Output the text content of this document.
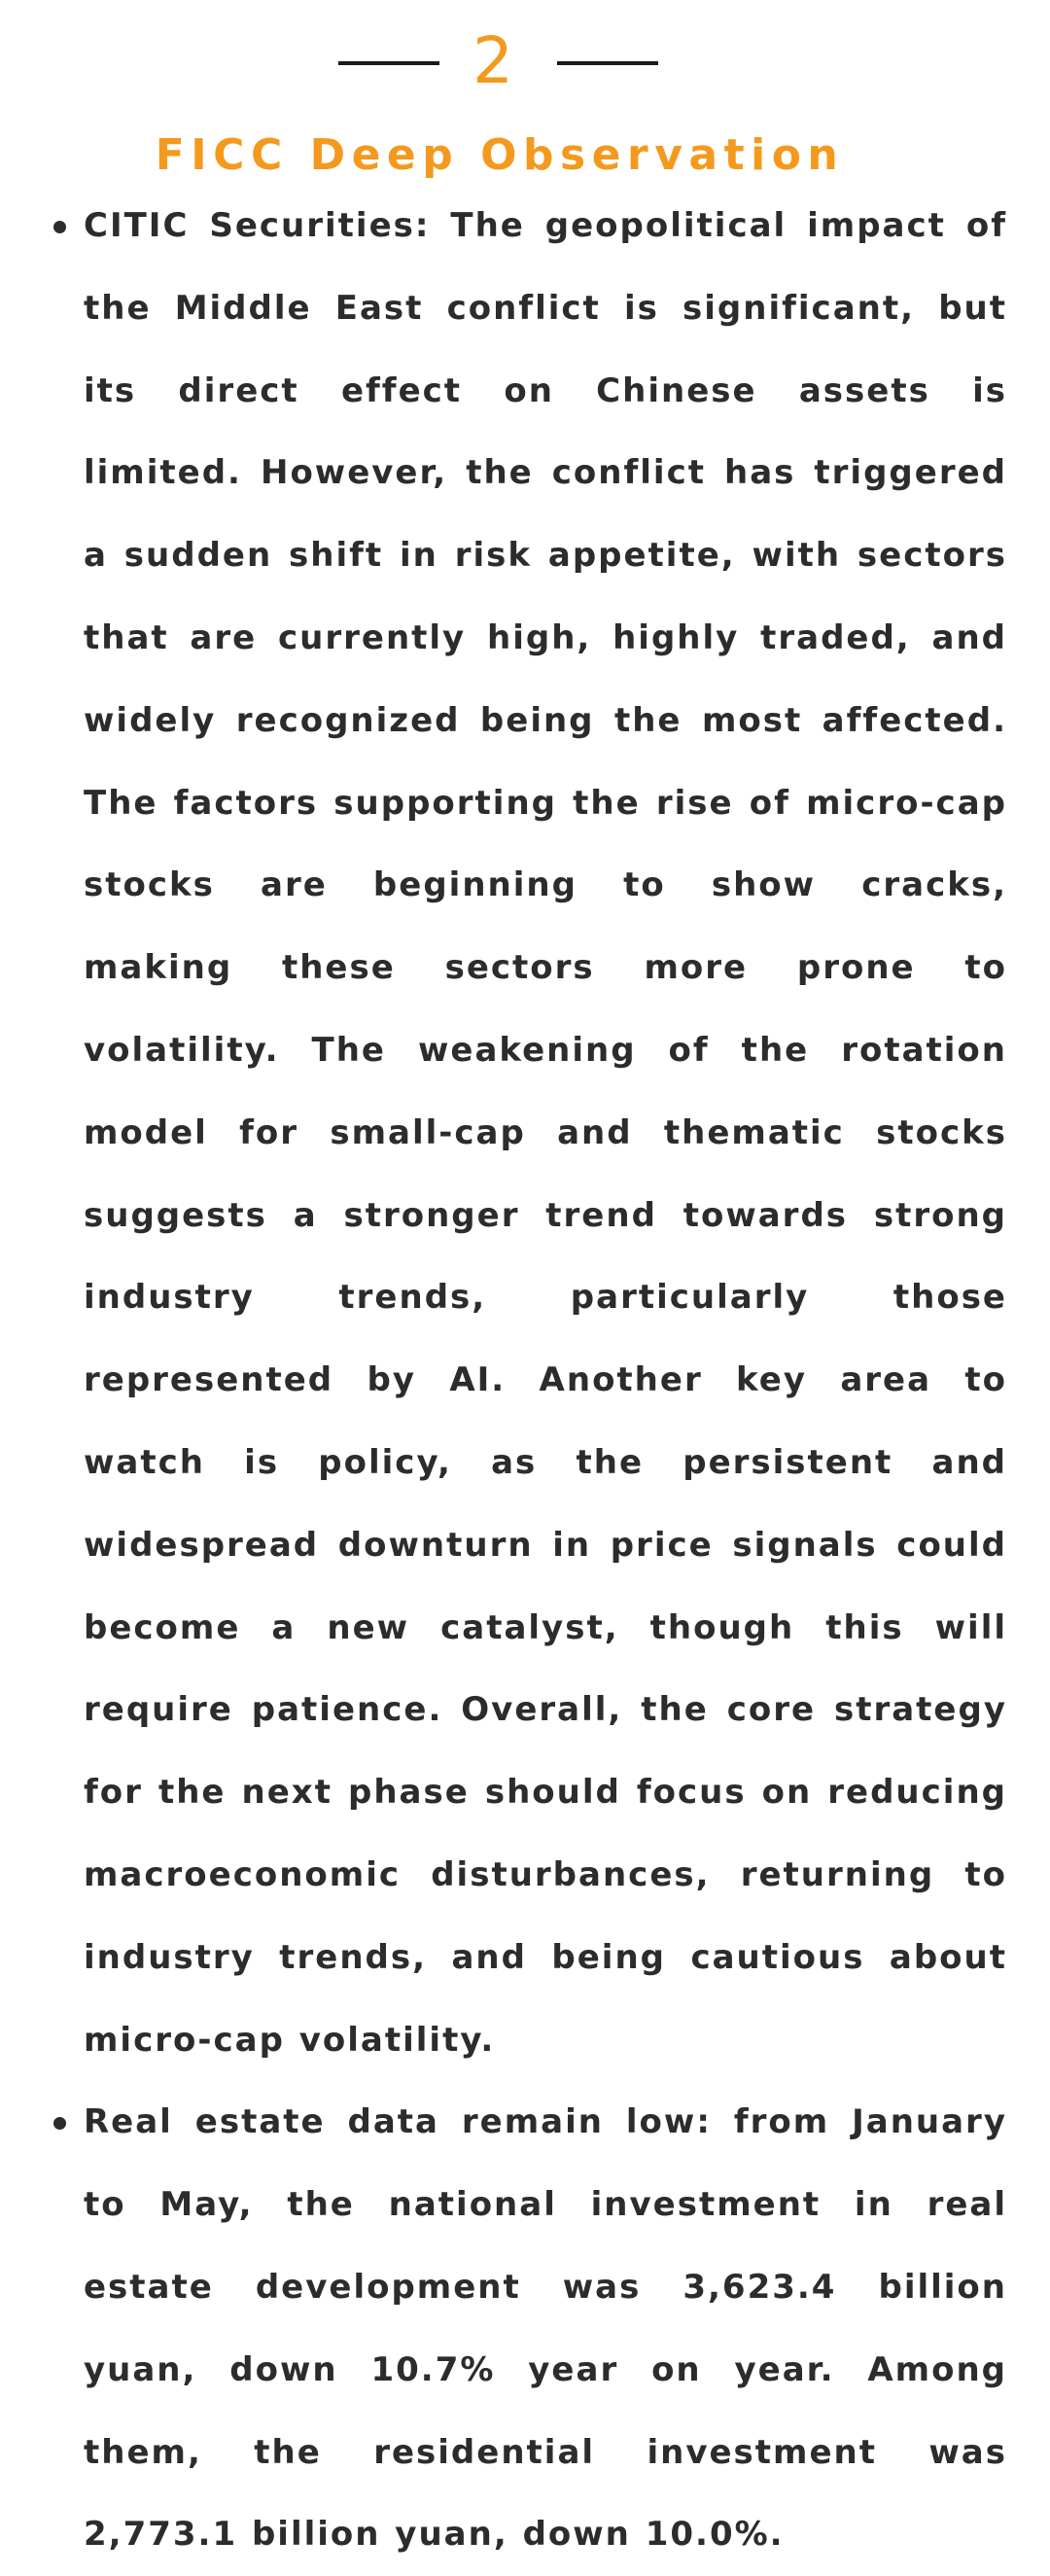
2
FICC Deep Observation

CITIC Securities: The geopolitical impact of the Middle East conflict is significant, but its direct effect on Chinese assets is limited. However, the conflict has triggered a sudden shift in risk appetite, with sectors that are currently high, highly traded, and widely recognized being the most affected. The factors supporting the rise of micro-cap stocks are beginning to show cracks, making these sectors more prone to volatility. The weakening of the rotation model for small-cap and thematic stocks suggests a stronger trend towards strong industry trends, particularly those represented by AI. Another key area to watch is policy, as the persistent and widespread downturn in price signals could become a new catalyst, though this will require patience. Overall, the core strategy for the next phase should focus on reducing macroeconomic disturbances, returning to industry trends, and being cautious about micro-cap volatility.

Real estate data remain low: from January to May, the national investment in real estate development was 3,623.4 billion yuan, down 10.7% year on year. Among them, the residential investment was 2,773.1 billion yuan, down 10.0%.
